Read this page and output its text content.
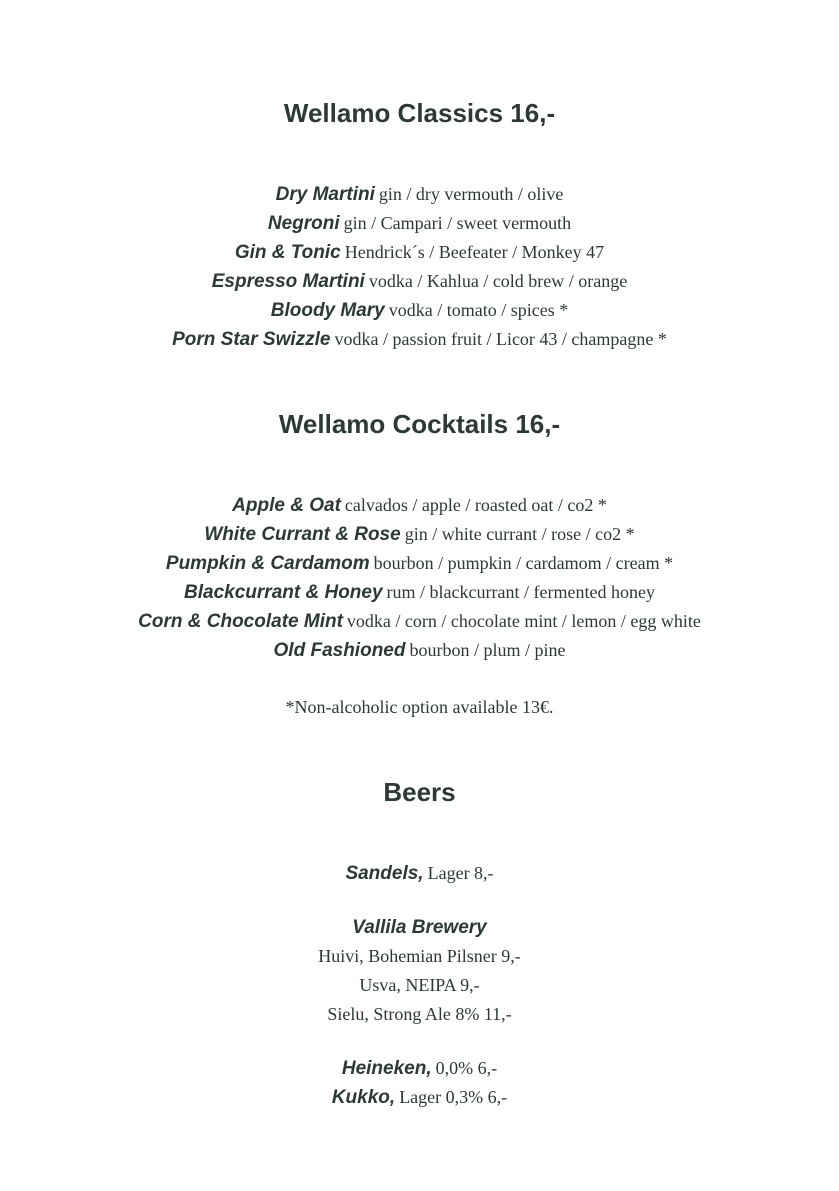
Wellamo Classics 16,-
Dry Martini gin / dry vermouth / olive
Negroni gin / Campari / sweet vermouth
Gin & Tonic Hendrick´s / Beefeater / Monkey 47
Espresso Martini vodka / Kahlua / cold brew / orange
Bloody Mary vodka / tomato / spices *
Porn Star Swizzle vodka / passion fruit / Licor 43 / champagne *
Wellamo Cocktails 16,-
Apple & Oat calvados / apple / roasted oat / co2 *
White Currant & Rose gin / white currant / rose / co2 *
Pumpkin & Cardamom bourbon / pumpkin / cardamom / cream *
Blackcurrant & Honey rum / blackcurrant / fermented honey
Corn & Chocolate Mint vodka / corn / chocolate mint / lemon / egg white
Old Fashioned bourbon / plum / pine
*Non-alcoholic option available 13€.
Beers
Sandels, Lager 8,-
Vallila Brewery
Huivi, Bohemian Pilsner 9,-
Usva, NEIPA 9,-
Sielu, Strong Ale 8% 11,-
Heineken, 0,0% 6,-
Kukko, Lager 0,3% 6,-
